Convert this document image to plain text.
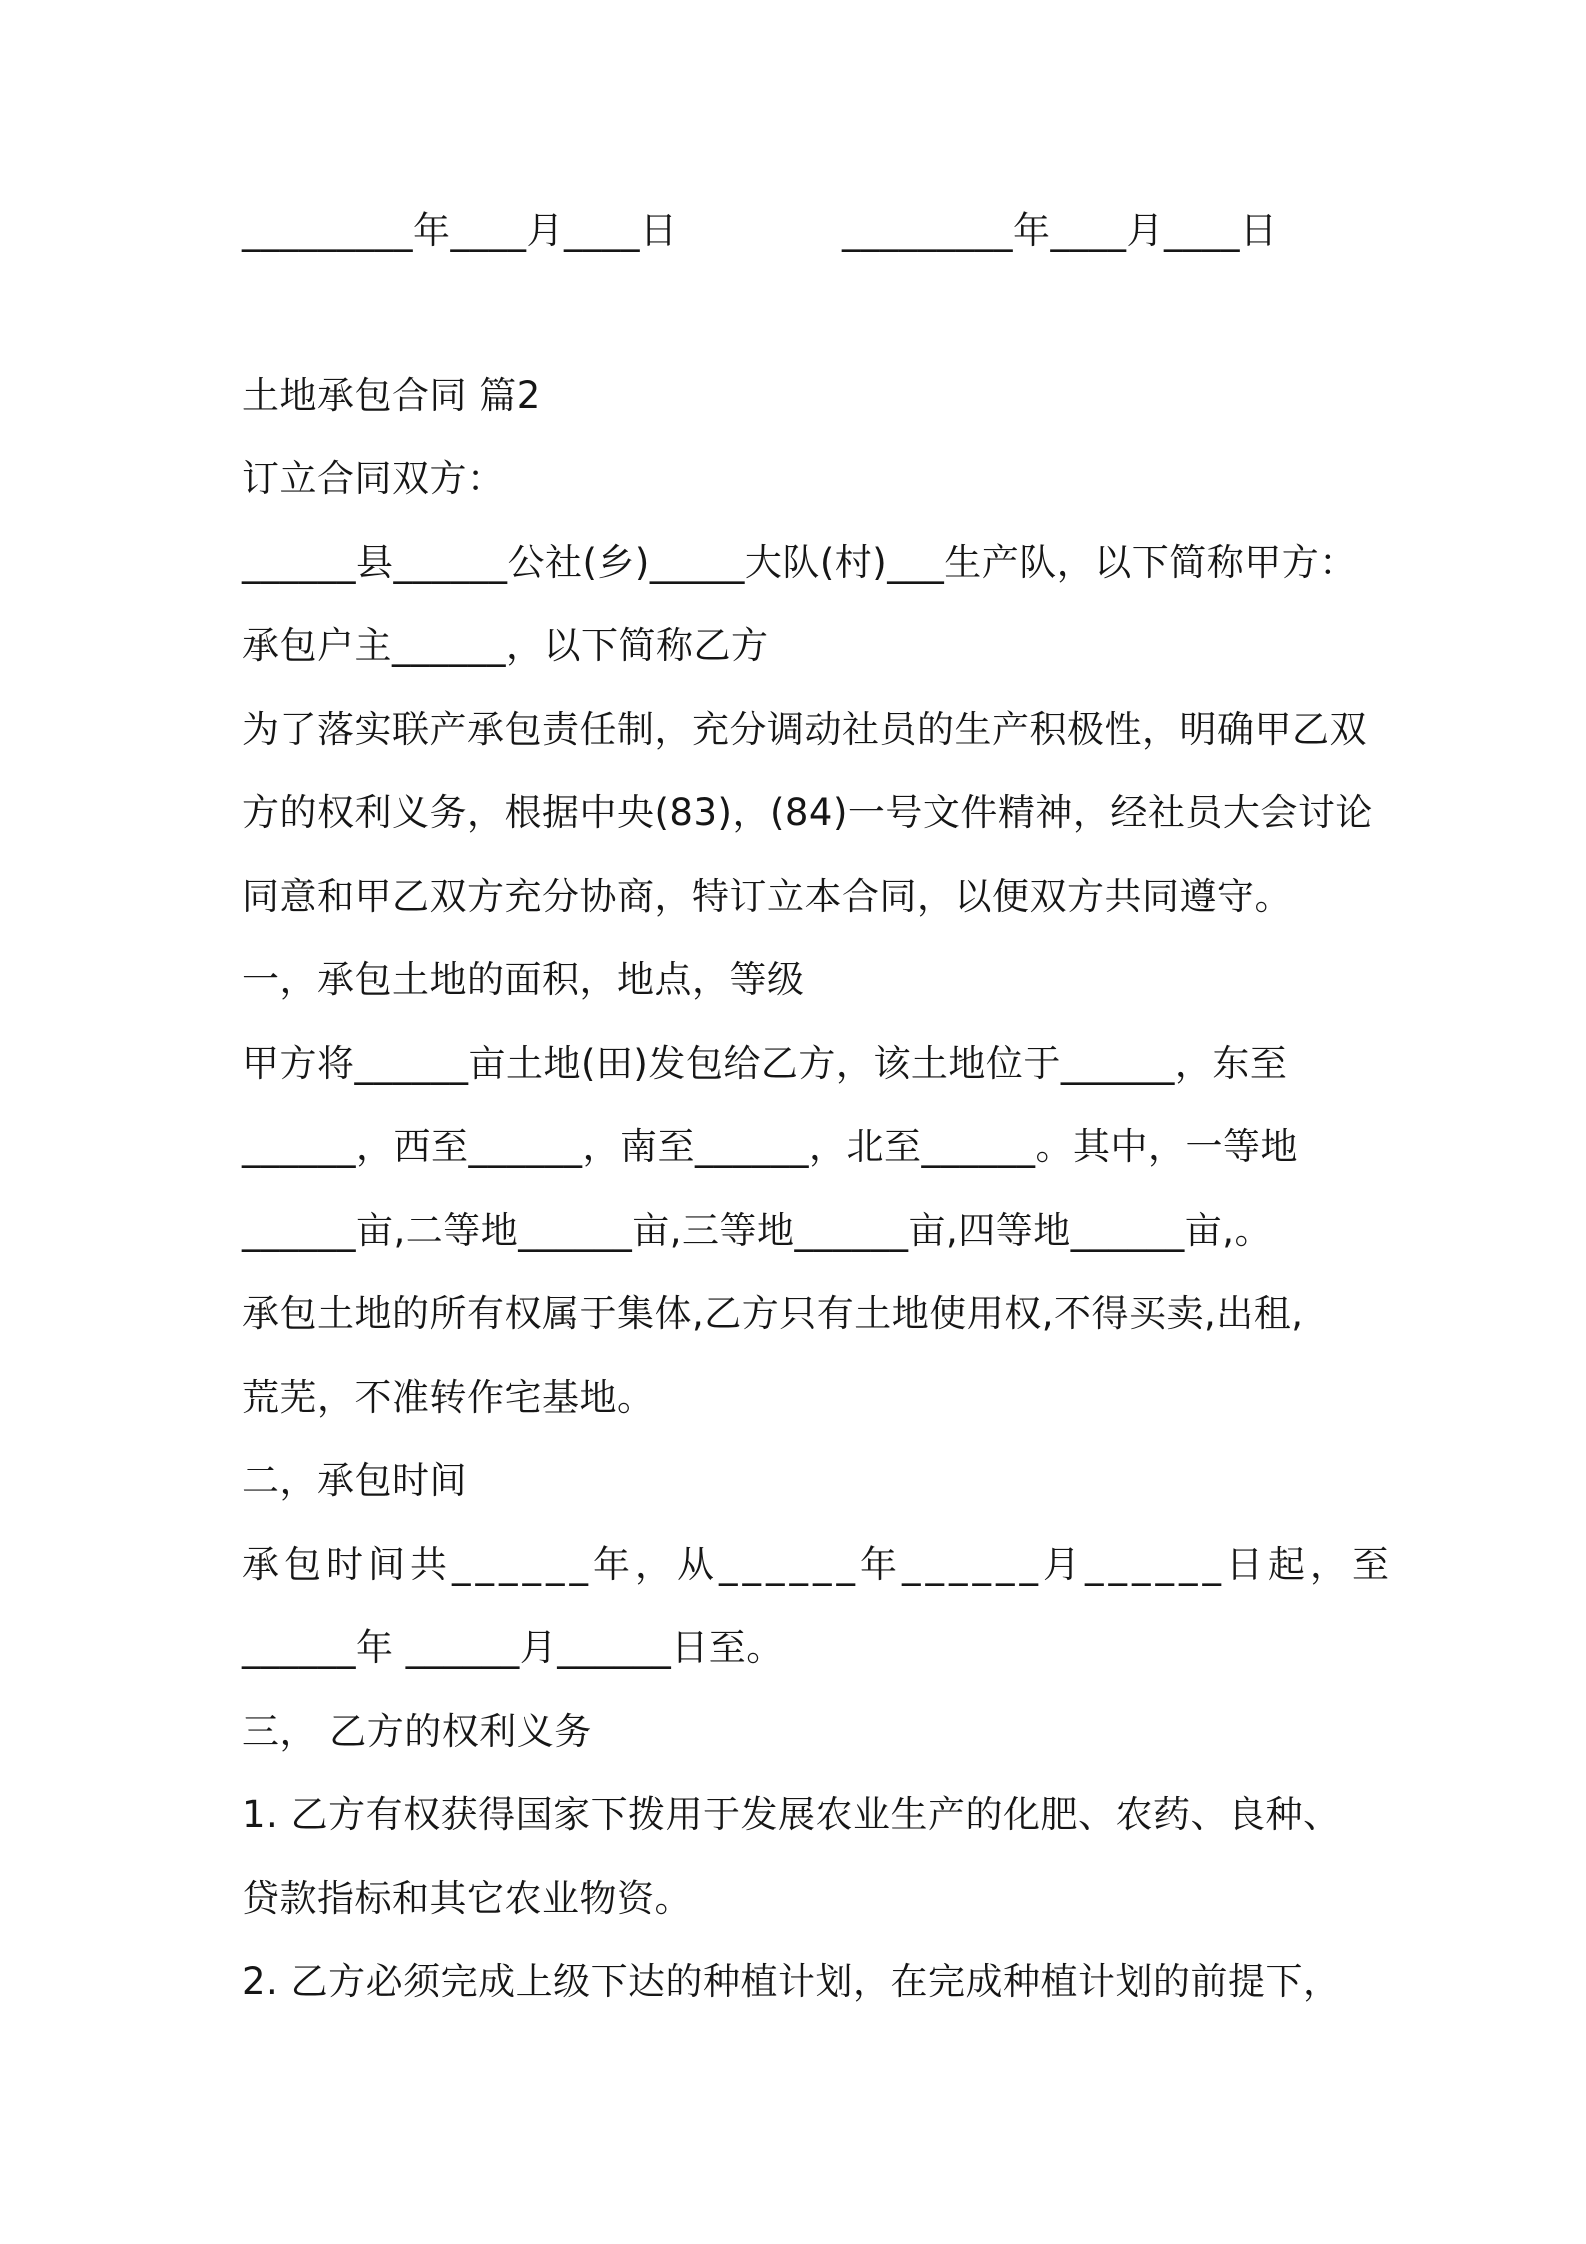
_________年____月____日	_________年____月____日
土地承包合同 篇2
订立合同双方：
______县______公社(乡)_____大队(村)___生产队，以下简称甲方：
承包户主______，以下简称乙方
为了落实联产承包责任制，充分调动社员的生产积极性，明确甲乙双
方的权利义务，根据中央(83)，(84)一号文件精神，经社员大会讨论
同意和甲乙双方充分协商，特订立本合同，以便双方共同遵守。
一，承包土地的面积，地点，等级
甲方将______亩土地(田)发包给乙方，该土地位于______，东至
______，西至______，南至______，北至______。其中，一等地
______亩,二等地______亩,三等地______亩,四等地______亩,。
承包土地的所有权属于集体,乙方只有土地使用权,不得买卖,出租,
荒芜，不准转作宅基地。
二，承包时间
承包时间共______年，从______年______月______日起，至
______年 ______月______日至。
三， 乙方的权利义务
1. 乙方有权获得国家下拨用于发展农业生产的化肥、农药、良种、
贷款指标和其它农业物资。
2. 乙方必须完成上级下达的种植计划，在完成种植计划的前提下，
